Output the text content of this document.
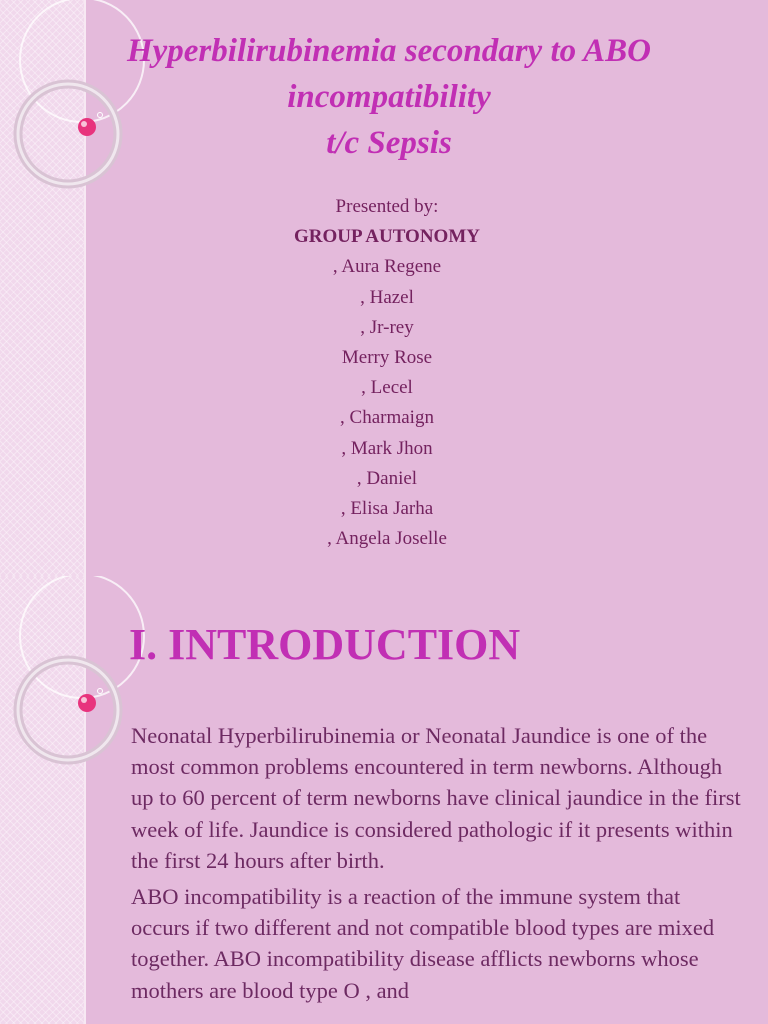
Hyperbilirubinemia secondary to ABO
incompatibility
t/c Sepsis
Presented by:
GROUP AUTONOMY
, Aura Regene
, Hazel
, Jr-rey
Merry Rose
, Lecel
, Charmaign
, Mark Jhon
, Daniel
, Elisa Jarha
, Angela Joselle
I. INTRODUCTION

Neonatal Hyperbilirubinemia or Neonatal Jaundice is one of the most common problems encountered in term newborns. Although up to 60 percent of term newborns have clinical jaundice in the first week of life. Jaundice is considered pathologic if it presents within the first 24 hours after birth.

ABO incompatibility is a reaction of the immune system that occurs if two different and not compatible blood types are mixed together. ABO incompatibility disease afflicts newborns whose mothers are blood type O , and
